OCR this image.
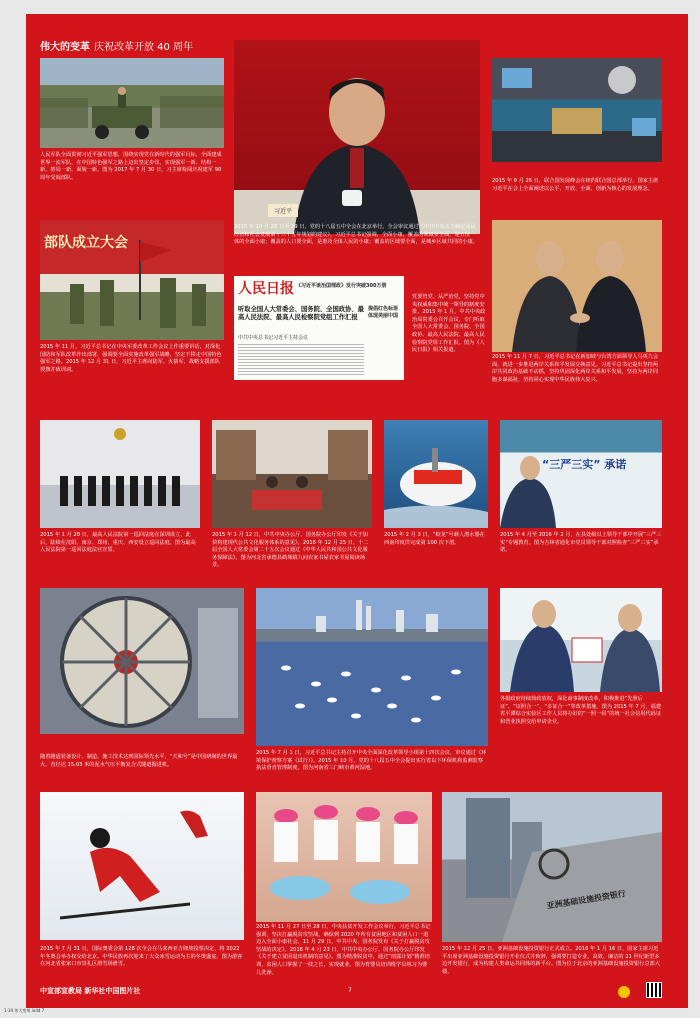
伟大的变革 庆祝改革开放 40 周年
人民军队全面贯彻习近平强军思想，围绕实现党在新时代的强军目标，全面建成世界一流军队，在中国特色强军之路上迈出坚定步伐，实现强军一新、结构一新、格局一新、面貌一新。图为 2017 年 7 月 30 日，习主席检阅庆祝建军 90 周年受阅部队。
习近平
2015 年 10 月 26 日至 29 日，党的十八届五中全会在北京举行。全会审议通过《中共中央关于制定国民经济和社会发展第十三个五年规划的建议》。习近平总书记强调，全面小康，覆盖的领域要全面，是五位一体的全面小康；覆盖的人口要全面，是惠及全体人民的小康；覆盖的区域要全面，是城乡区域共同的小康。
2015 年 9 月 26 日，联合国发展峰会在纽约联合国总部举行，国家主席习近平在会上全面阐述以公平、开放、全面、创新为核心的发展理念。
部队成立大会
2015 年 11 月，习近平总书记在中央军委改革工作会议上作重要讲话，对深化国防和军队改革作出部署，强调要全面实施改革强军战略，坚定不移走中国特色强军之路。2015 年 12 月 31 日，习近平主席向陆军、火箭军、战略支援部队授旗并致训词。
人民日报 《习近平谈治国理政》发行突破300万册
听取全国人大常委会、国务院、全国政协、最高人民法院、最高人民检察院党组工作汇报
中共中央总书记习近平主持会议
提倡红色标语体现美丽中国
党要管党、从严治党，坚持党中央权威和集中统一领导的制度安排。2015 年 1 月，中共中央政治局常委会召开会议，专门听取全国人大常委会、国务院、全国政协、最高人民法院、最高人民检察院党组工作汇报。图为《人民日报》相关报道。
2015 年 11 月 7 日，习近平总书记在新加坡与台湾方面领导人马英九会面，就进一步推进两岸关系和平发展交换意见。习近平总书记提出坚持两岸共同政治基础不动摇，坚持巩固深化两岸关系和平发展，坚持为两岸同胞多谋福祉，坚持同心实现中华民族伟大复兴。
2015 年 1 月 28 日，最高人民法院第一巡回法庭在深圳成立，此后，陆续在沈阳、南京、郑州、重庆、西安设立巡回法庭。图为最高人民法院第一巡回法庭法官宣誓。
2015 年 1 月 12 日，中共中央办公厅、国务院办公厅印发《关于加快构建现代公共文化服务体系的意见》。2016 年 12 月 25 日，十二届全国人大常委会第二十五次会议通过《中华人民共和国公共文化服务保障法》。图为河北省承德县鹤城镇九间农家书屋农家书屋阅读场景。
2015 年 2 月 3 日，“蛟龙”号载人潜水器在西南印度洋完成第 100 次下潜。
“三严三实” 承诺
2015 年 4 月至 2016 年 2 月，在县处级以上领导干部中开展“三严三实”专题教育。图为吉林省通化市党员领导干部对照检查“三严三实”承诺。
随着隧道装备设计、制造、施工技术达到国际领先水平，“天和号”是中国研制的世界最大、直径达 15.03 米的泥水气压平衡复合式隧道掘进机。
2015 年 7 月 1 日，习近平总书记主持召开中央全面深化改革领导小组第十四次会议，审议通过《环境保护督察方案（试行）》。2015 年 10 月，党的十八届五中全会提出实行省以下环保机构监测监察执法垂直管理制度。图为河南省三门峡市黄河湿地。
各级政府持续简政放权，深化商事制度改革，积极推进“先照后证”、“证照合一”、“多证合一”等改革措施。图为 2015 年 7 月，福建省平潭综合实验区工作人员将办好的“一照一码”的统一社会信用代码证和营业执照交给申请企业。
2015 年 7 月 31 日，国际奥委会第 128 次全会在马来西亚吉隆坡投票决定，将 2022 年冬奥会举办权交给北京。中华民族再次迎来了大众冰雪运动为主的冬奥盛宴。图为游客在河北省张家口市崇礼区滑雪场滑雪。
2015 年 11 月 27 日至 28 日，中央扶贫开发工作会议举行。习近平总书记强调，坚决打赢脱贫攻坚战，确保到 2020 年所有贫困地区和贫困人口一道迈入全面小康社会。11 月 29 日，中共中央、国务院发布《关于打赢脱贫攻坚战的决定》。2016 年 4 月 23 日，中共中央办公厅、国务院办公厅印发《关于建立贫困退出机制的意见》。图为精准脱贫中，通过“雨露计划”精准培训，贫困人口掌握了一技之长，实现就业。图为育婴员培训班学员练习为婴儿洗澡。
亚洲基础设施投资银行
2015 年 12 月 25 日，亚洲基础设施投资银行正式成立。2016 年 1 月 16 日，国家主席习近平出席亚洲基础设施投资银行开业仪式并致辞，强调要打造专业、高效、廉洁的 21 世纪新型多边开发银行，成为构建人类命运共同体的新平台。图为位于北京的亚洲基础设施投资银行总部大楼。
中宣部宣教局 新华社中国图片社	7
1-34 伟大变革.indd 7
